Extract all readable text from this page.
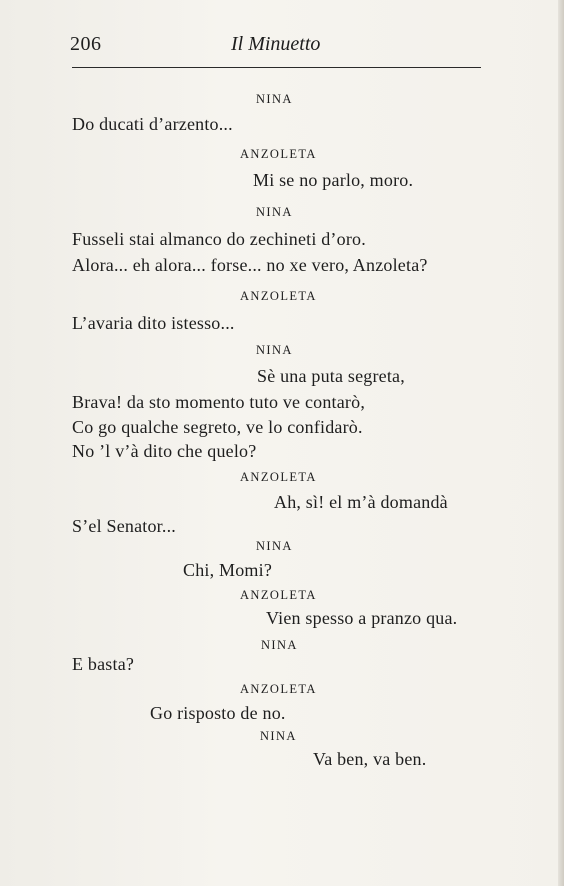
206	Il Minuetto
NINA
Do ducati d’arzento...
ANZOLETA
Mi se no parlo, moro.
NINA
Fusseli stai almanco do zechineti d’oro.
Alora... eh alora... forse... no xe vero, Anzoleta?
ANZOLETA
L’avaria dito istesso...
NINA
Sè una puta segreta,
Brava! da sto momento tuto ve contarò,
Co go qualche segreto, ve lo confidarò.
No ’l v’à dito che quelo?
ANZOLETA
Ah, sì! el m’à domandà
S’el Senator...
NINA
Chi, Momi?
ANZOLETA
Vien spesso a pranzo qua.
NINA
E basta?
ANZOLETA
Go risposto de no.
NINA
Va ben, va ben.
